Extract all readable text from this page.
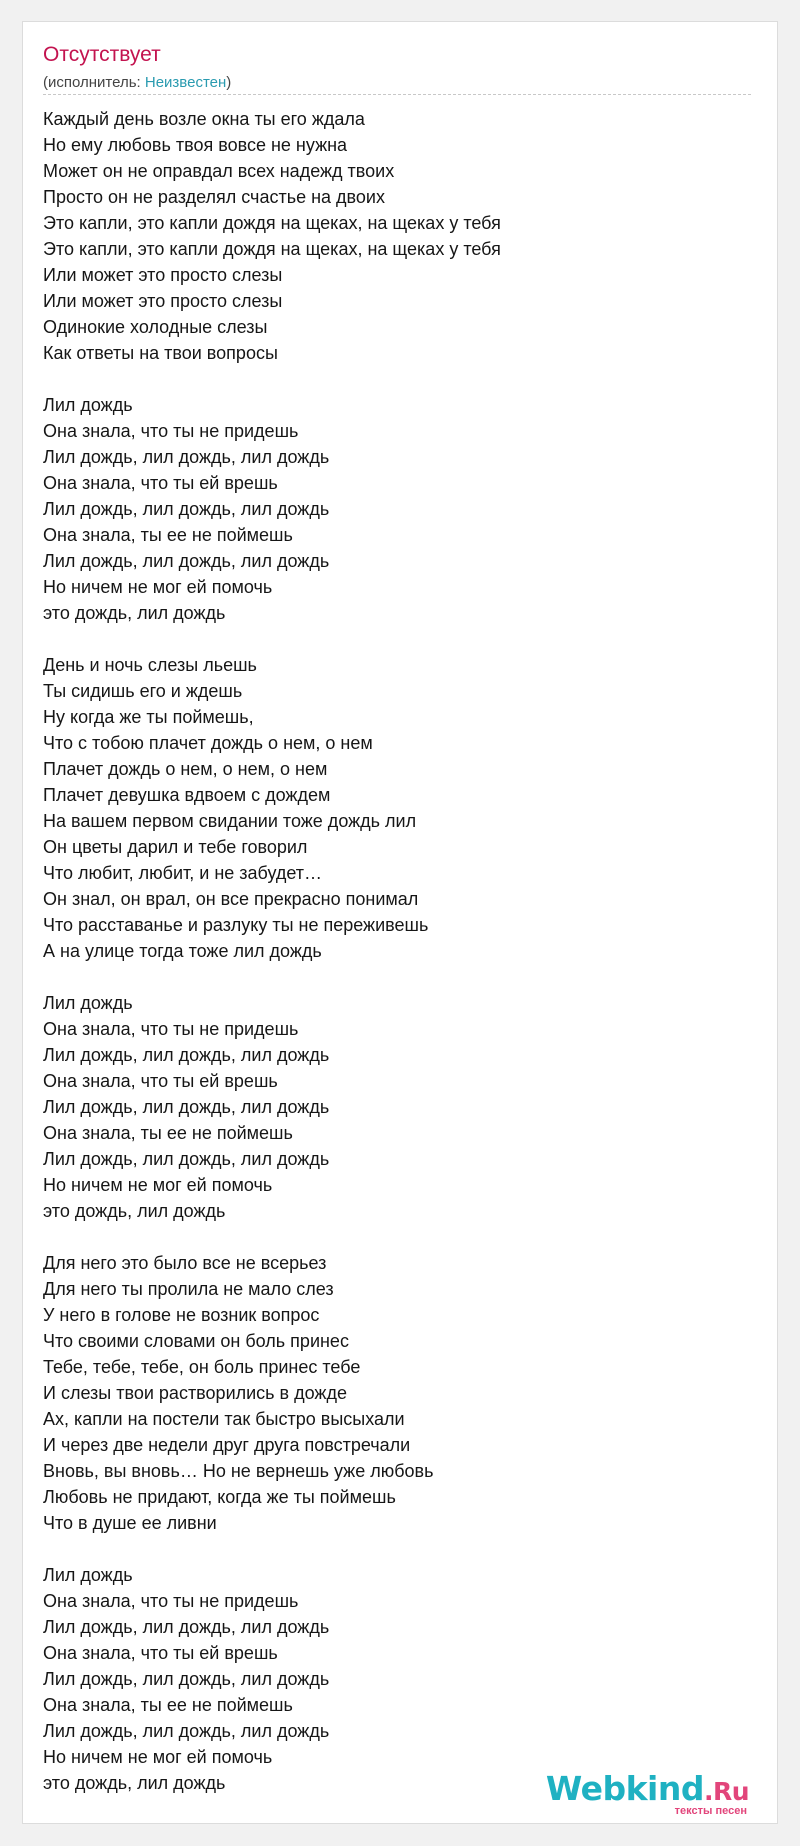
Отсутствует
(исполнитель: Неизвестен)
Каждый день возле окна ты его ждала
Но ему любовь твоя вовсе не нужна
Может он не оправдал всех надежд твоих
Просто он не разделял счастье на двоих
Это капли, это капли дождя на щеках, на щеках у тебя
Это капли, это капли дождя на щеках, на щеках у тебя
Или может это просто слезы
Или может это просто слезы
Одинокие холодные слезы
Как ответы на твои вопросы
Лил дождь
Она знала, что ты не придешь
Лил дождь, лил дождь, лил дождь
Она знала, что ты ей врешь
Лил дождь, лил дождь, лил дождь
Она знала, ты ее не поймешь
Лил дождь, лил дождь, лил дождь
Но ничем не мог ей помочь
это дождь, лил дождь
День и ночь слезы льешь
Ты сидишь его и ждешь
Ну когда же ты поймешь,
Что с тобою плачет дождь о нем, о нем
Плачет дождь о нем, о нем, о нем
Плачет девушка вдвоем с дождем
На вашем первом свидании тоже дождь лил
Он цветы дарил и тебе говорил
Что любит, любит, и не забудет…
Он знал, он врал, он все прекрасно понимал
Что расставанье и разлуку ты не переживешь
А на улице тогда тоже лил дождь
Лил дождь
Она знала, что ты не придешь
Лил дождь, лил дождь, лил дождь
Она знала, что ты ей врешь
Лил дождь, лил дождь, лил дождь
Она знала, ты ее не поймешь
Лил дождь, лил дождь, лил дождь
Но ничем не мог ей помочь
это дождь, лил дождь
Для него это было все не всерьез
Для него ты пролила не мало слез
У него в голове не возник вопрос
Что своими словами он боль принес
Тебе, тебе, тебе, он боль принес тебе
И слезы твои растворились в дожде
Ах, капли на постели так быстро высыхали
И через две недели друг друга повстречали
Вновь, вы вновь… Но не вернешь уже любовь
Любовь не придают, когда же ты поймешь
Что в душе ее ливни
Лил дождь
Она знала, что ты не придешь
Лил дождь, лил дождь, лил дождь
Она знала, что ты ей врешь
Лил дождь, лил дождь, лил дождь
Она знала, ты ее не поймешь
Лил дождь, лил дождь, лил дождь
Но ничем не мог ей помочь
это дождь, лил дождь	Webkind.Ru
тексты песен
